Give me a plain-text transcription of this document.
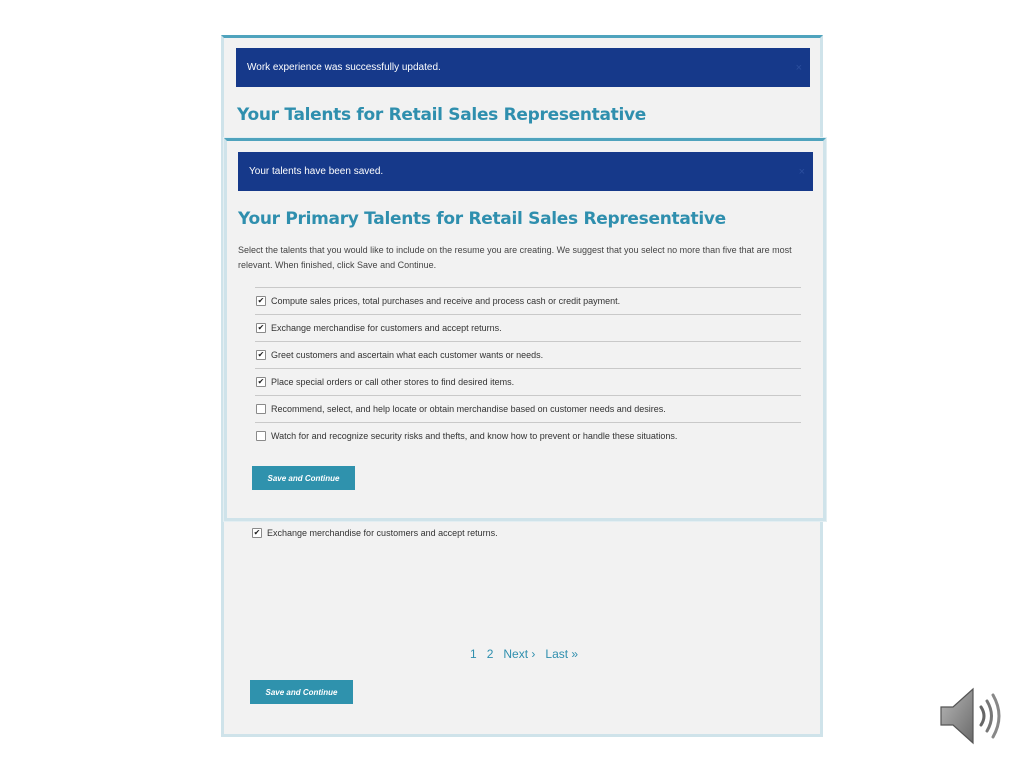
Work experience was successfully updated.	×
Your Talents for Retail Sales Representative
✔ Exchange merchandise for customers and accept returns.
1 2 Next › Last »
Save and Continue
Your talents have been saved.	×
Your Primary Talents for Retail Sales Representative
Select the talents that you would like to include on the resume you are creating. We suggest that you select no more than five that are most relevant. When finished, click Save and Continue.
✔ Compute sales prices, total purchases and receive and process cash or credit payment.
✔ Exchange merchandise for customers and accept returns.
✔ Greet customers and ascertain what each customer wants or needs.
✔ Place special orders or call other stores to find desired items.
Recommend, select, and help locate or obtain merchandise based on customer needs and desires.
Watch for and recognize security risks and thefts, and know how to prevent or handle these situations.
Save and Continue
